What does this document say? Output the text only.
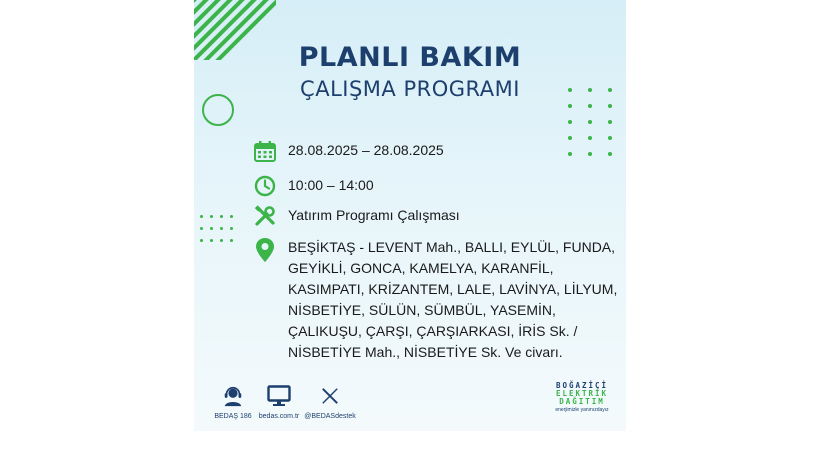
PLANLI BAKIM
ÇALIŞMA PROGRAMI
28.08.2025 – 28.08.2025
10:00 – 14:00
Yatırım Programı Çalışması
BEŞİKTAŞ - LEVENT Mah., BALLI, EYLÜL, FUNDA, GEYİKLİ, GONCA, KAMELYA, KARANFİL, KASIMPATI, KRİZANTEM, LALE, LAVİNYA, LİLYUM, NİSBETİYE, SÜLÜN, SÜMBÜL, YASEMİN, ÇALIKUŞU, ÇARŞI, ÇARŞIARKASI, İRİS Sk. / NİSBETİYE Mah., NİSBETİYE Sk. Ve civarı.
BEDAŞ 186	bedas.com.tr @BEDASdestek
BOĞAZİÇİ
ELEKTRİK
DAĞITIM
enerjimizle yanınızdayız
